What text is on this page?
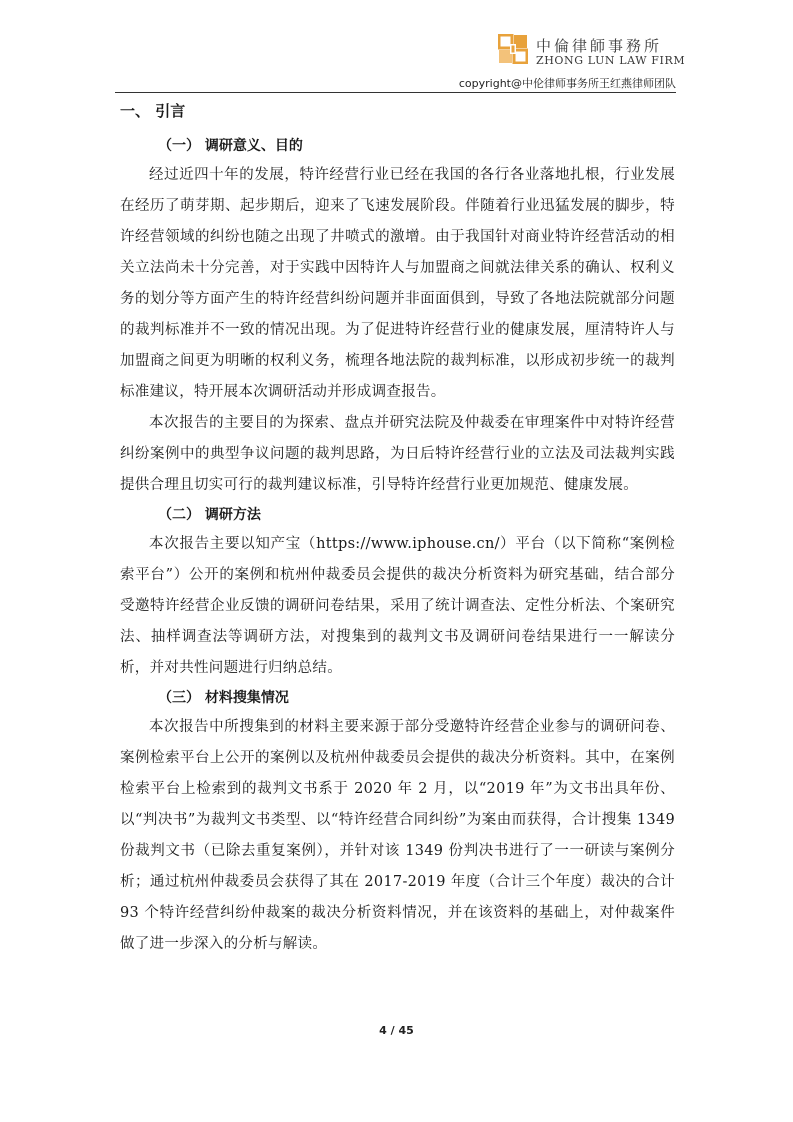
中倫律師事務所
ZHONG LUN LAW FIRM
copyright@中伦律师事务所王红燕律师团队
一、 引言
（一） 调研意义、目的

经过近四十年的发展，特许经营行业已经在我国的各行各业落地扎根，行业发展在经历了萌芽期、起步期后，迎来了飞速发展阶段。伴随着行业迅猛发展的脚步，特许经营领域的纠纷也随之出现了井喷式的激增。由于我国针对商业特许经营活动的相关立法尚未十分完善，对于实践中因特许人与加盟商之间就法律关系的确认、权利义务的划分等方面产生的特许经营纠纷问题并非面面俱到，导致了各地法院就部分问题的裁判标准并不一致的情况出现。为了促进特许经营行业的健康发展，厘清特许人与加盟商之间更为明晰的权利义务，梳理各地法院的裁判标准，以形成初步统一的裁判标准建议，特开展本次调研活动并形成调查报告。

本次报告的主要目的为探索、盘点并研究法院及仲裁委在审理案件中对特许经营纠纷案例中的典型争议问题的裁判思路，为日后特许经营行业的立法及司法裁判实践提供合理且切实可行的裁判建议标准，引导特许经营行业更加规范、健康发展。

（二） 调研方法

本次报告主要以知产宝（https://www.iphouse.cn/）平台（以下简称“案例检索平台”）公开的案例和杭州仲裁委员会提供的裁决分析资料为研究基础，结合部分受邀特许经营企业反馈的调研问卷结果，采用了统计调查法、定性分析法、个案研究法、抽样调查法等调研方法，对搜集到的裁判文书及调研问卷结果进行一一解读分析，并对共性问题进行归纳总结。

（三） 材料搜集情况

本次报告中所搜集到的材料主要来源于部分受邀特许经营企业参与的调研问卷、案例检索平台上公开的案例以及杭州仲裁委员会提供的裁决分析资料。其中，在案例检索平台上检索到的裁判文书系于 2020 年 2 月，以“2019 年”为文书出具年份、以“判决书”为裁判文书类型、以“特许经营合同纠纷”为案由而获得，合计搜集 1349 份裁判文书（已除去重复案例），并针对该 1349 份判决书进行了一一研读与案例分析；通过杭州仲裁委员会获得了其在 2017-2019 年度（合计三个年度）裁决的合计 93 个特许经营纠纷仲裁案的裁决分析资料情况，并在该资料的基础上，对仲裁案件做了进一步深入的分析与解读。

4 / 45
